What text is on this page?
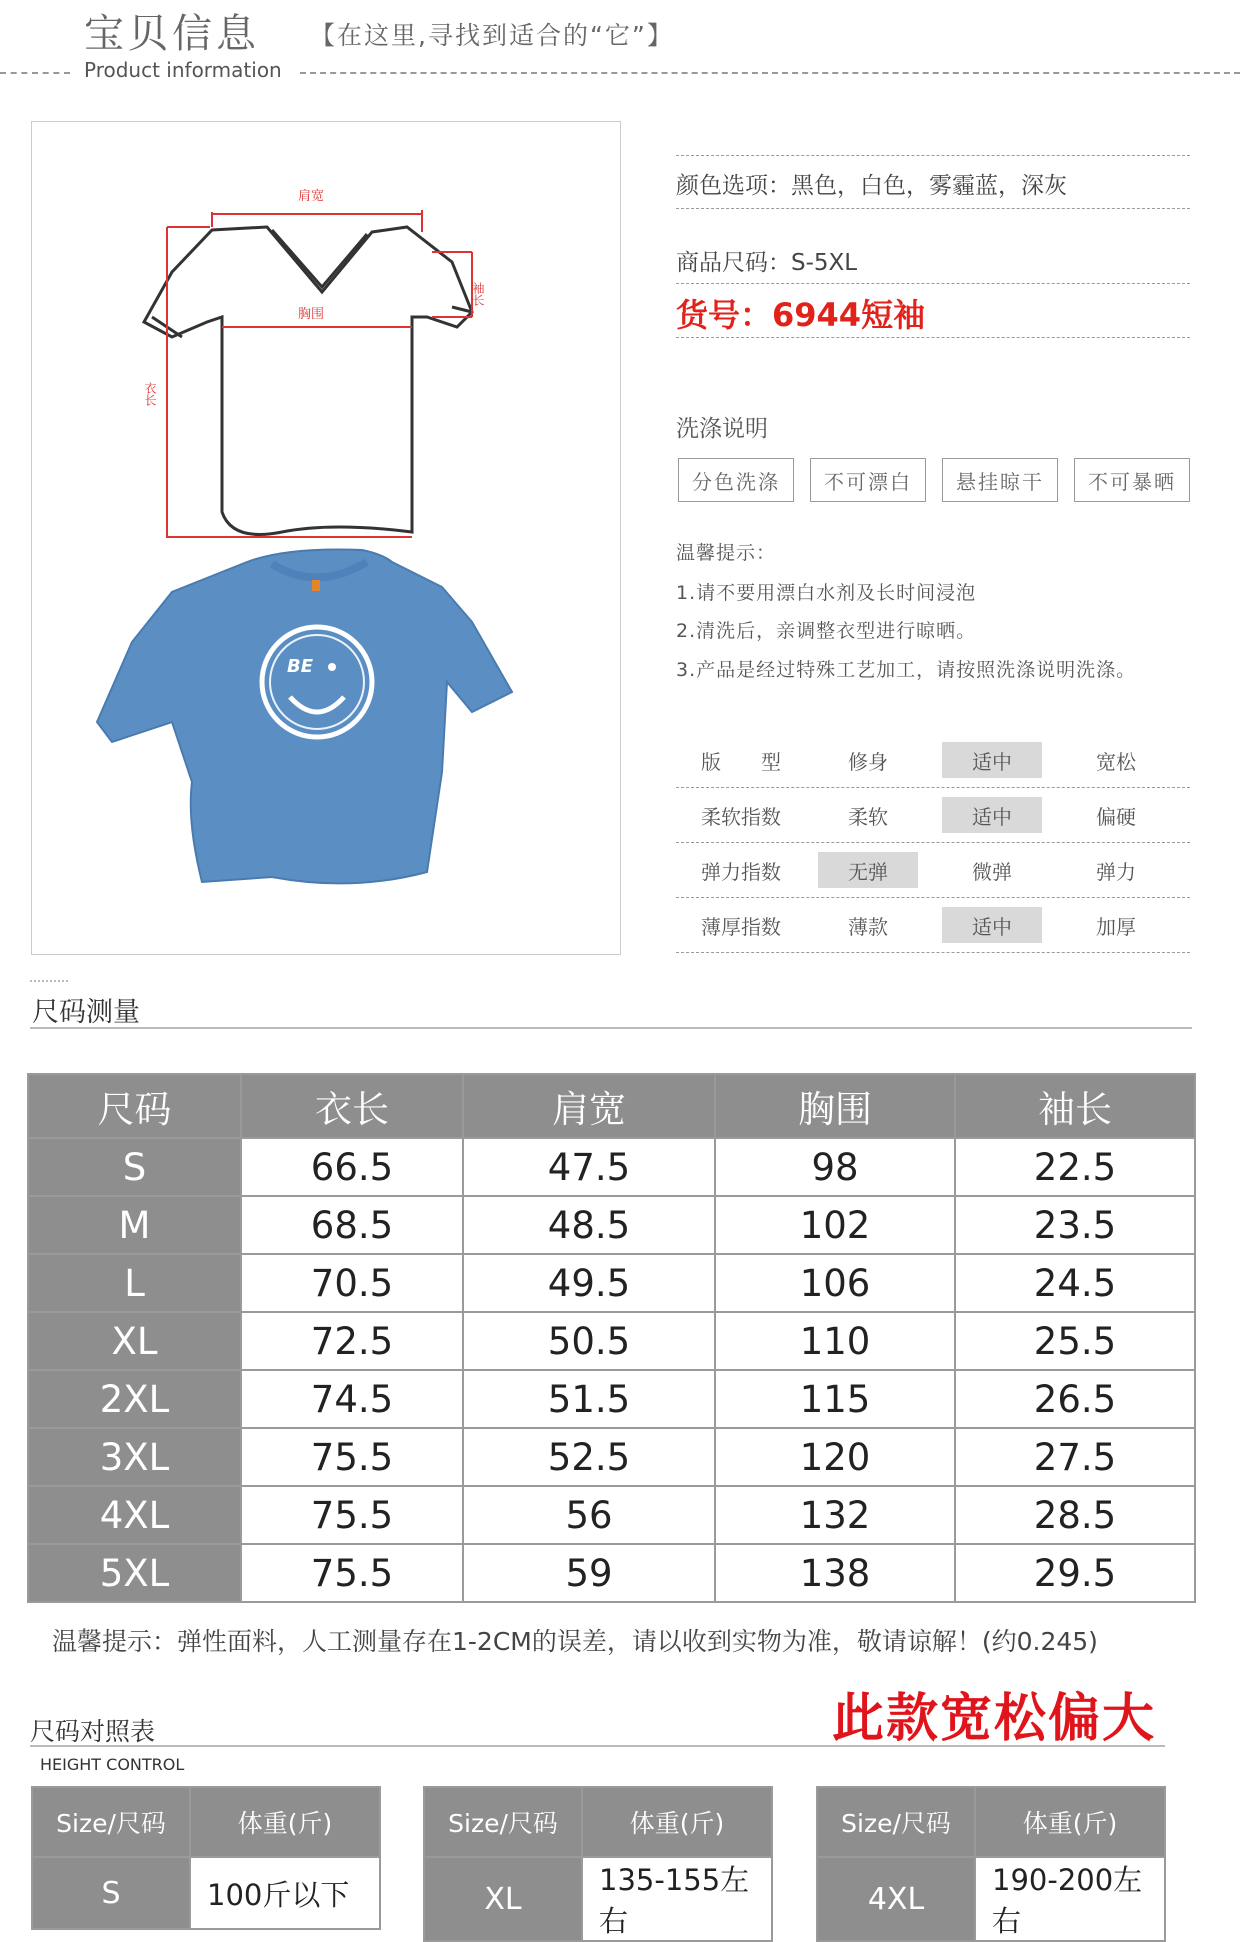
宝贝信息
Product information
【在这里,寻找到适合的“它”】
肩宽
胸围
袖长
衣长
BE
颜色选项：黑色，白色，雾霾蓝，深灰
商品尺码：S-5XL
货号：6944短袖
洗涤说明
分色洗涤	不可漂白	悬挂晾干	不可暴晒
温馨提示：
1.请不要用漂白水剂及长时间浸泡
2.清洗后，亲调整衣型进行晾晒。
3.产品是经过特殊工艺加工，请按照洗涤说明洗涤。
版　　型	修身	适中	宽松
柔软指数	柔软	适中	偏硬
弹力指数	无弹	微弹	弹力
薄厚指数	薄款	适中	加厚
尺码测量
尺码	衣长	肩宽	胸围	袖长
S	66.5	47.5	98	22.5
M	68.5	48.5	102	23.5
L	70.5	49.5	106	24.5
XL	72.5	50.5	110	25.5
2XL	74.5	51.5	115	26.5
3XL	75.5	52.5	120	27.5
4XL	75.5	56	132	28.5
5XL	75.5	59	138	29.5
温馨提示：弹性面料，人工测量存在1-2CM的误差，请以收到实物为准，敬请谅解！(约0.245)
尺码对照表	此款宽松偏大
HEIGHT CONTROL
Size/尺码	体重(斤)
S	100斤以下
Size/尺码	体重(斤)
XL	135-155左右
Size/尺码	体重(斤)
4XL	190-200左右
